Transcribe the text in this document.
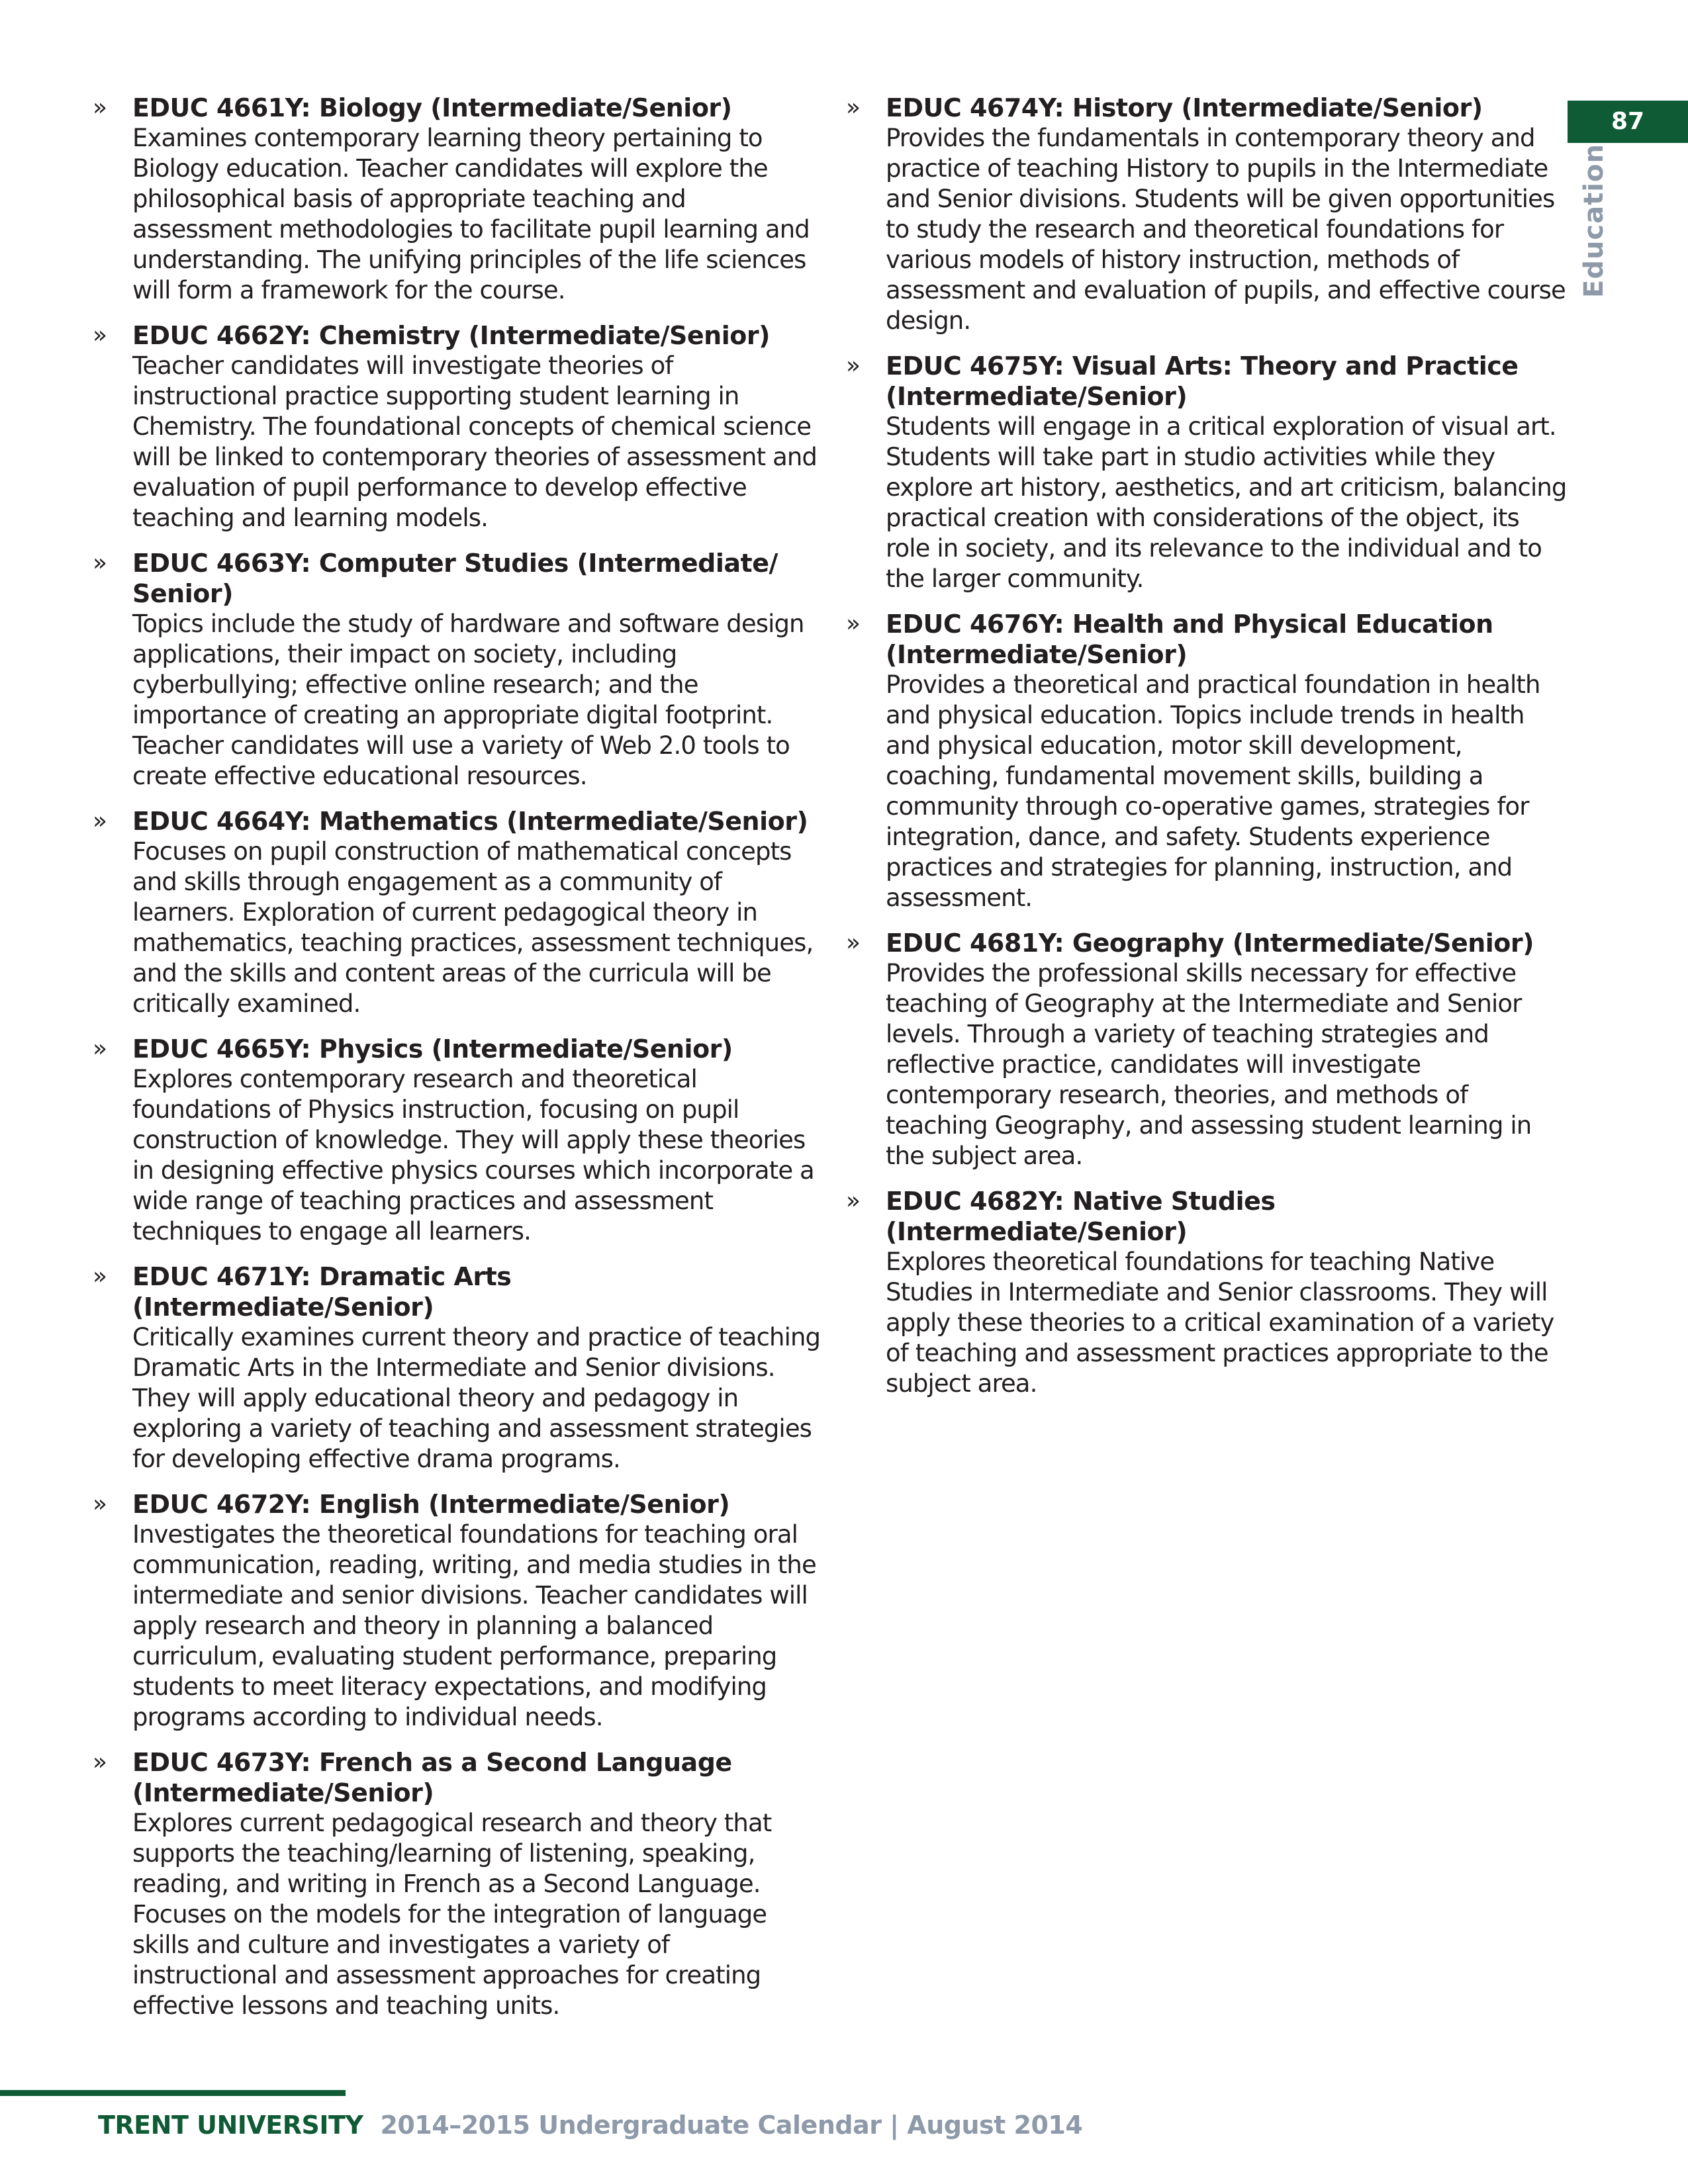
» EDUC 4661Y: Biology (Intermediate/Senior)
Examines contemporary learning theory pertaining to Biology education. Teacher candidates will explore the philosophical basis of appropriate teaching and assessment methodologies to facilitate pupil learning and understanding. The unifying principles of the life sciences will form a framework for the course.
» EDUC 4662Y: Chemistry (Intermediate/Senior)
Teacher candidates will investigate theories of instructional practice supporting student learning in Chemistry. The foundational concepts of chemical science will be linked to contemporary theories of assessment and evaluation of pupil performance to develop effective teaching and learning models.
» EDUC 4663Y: Computer Studies (Intermediate/ Senior)
Topics include the study of hardware and software design applications, their impact on society, including cyberbullying; effective online research; and the importance of creating an appropriate digital footprint. Teacher candidates will use a variety of Web 2.0 tools to create effective educational resources.
» EDUC 4664Y: Mathematics (Intermediate/Senior)
Focuses on pupil construction of mathematical concepts and skills through engagement as a community of learners. Exploration of current pedagogical theory in mathematics, teaching practices, assessment techniques, and the skills and content areas of the curricula will be critically examined.
» EDUC 4665Y: Physics (Intermediate/Senior)
Explores contemporary research and theoretical foundations of Physics instruction, focusing on pupil construction of knowledge. They will apply these theories in designing effective physics courses which incorporate a wide range of teaching practices and assessment techniques to engage all learners.
» EDUC 4671Y: Dramatic Arts (Intermediate/Senior)
Critically examines current theory and practice of teaching Dramatic Arts in the Intermediate and Senior divisions. They will apply educational theory and pedagogy in exploring a variety of teaching and assessment strategies for developing effective drama programs.
» EDUC 4672Y: English (Intermediate/Senior)
Investigates the theoretical foundations for teaching oral communication, reading, writing, and media studies in the intermediate and senior divisions. Teacher candidates will apply research and theory in planning a balanced curriculum, evaluating student performance, preparing students to meet literacy expectations, and modifying programs according to individual needs.
» EDUC 4673Y: French as a Second Language (Intermediate/Senior)
Explores current pedagogical research and theory that supports the teaching/learning of listening, speaking, reading, and writing in French as a Second Language. Focuses on the models for the integration of language skills and culture and investigates a variety of instructional and assessment approaches for creating effective lessons and teaching units.
» EDUC 4674Y: History (Intermediate/Senior)
Provides the fundamentals in contemporary theory and practice of teaching History to pupils in the Intermediate and Senior divisions. Students will be given opportunities to study the research and theoretical foundations for various models of history instruction, methods of assessment and evaluation of pupils, and effective course design.
» EDUC 4675Y: Visual Arts: Theory and Practice (Intermediate/Senior)
Students will engage in a critical exploration of visual art. Students will take part in studio activities while they explore art history, aesthetics, and art criticism, balancing practical creation with considerations of the object, its role in society, and its relevance to the individual and to the larger community.
» EDUC 4676Y: Health and Physical Education (Intermediate/Senior)
Provides a theoretical and practical foundation in health and physical education. Topics include trends in health and physical education, motor skill development, coaching, fundamental movement skills, building a community through co-operative games, strategies for integration, dance, and safety. Students experience practices and strategies for planning, instruction, and assessment.
» EDUC 4681Y: Geography (Intermediate/Senior)
Provides the professional skills necessary for effective teaching of Geography at the Intermediate and Senior levels. Through a variety of teaching strategies and reflective practice, candidates will investigate contemporary research, theories, and methods of teaching Geography, and assessing student learning in the subject area.
» EDUC 4682Y: Native Studies (Intermediate/Senior)
Explores theoretical foundations for teaching Native Studies in Intermediate and Senior classrooms. They will apply these theories to a critical examination of a variety of teaching and assessment practices appropriate to the subject area.
87
Education
TRENT UNIVERSITY 2014–2015 Undergraduate Calendar | August 2014
